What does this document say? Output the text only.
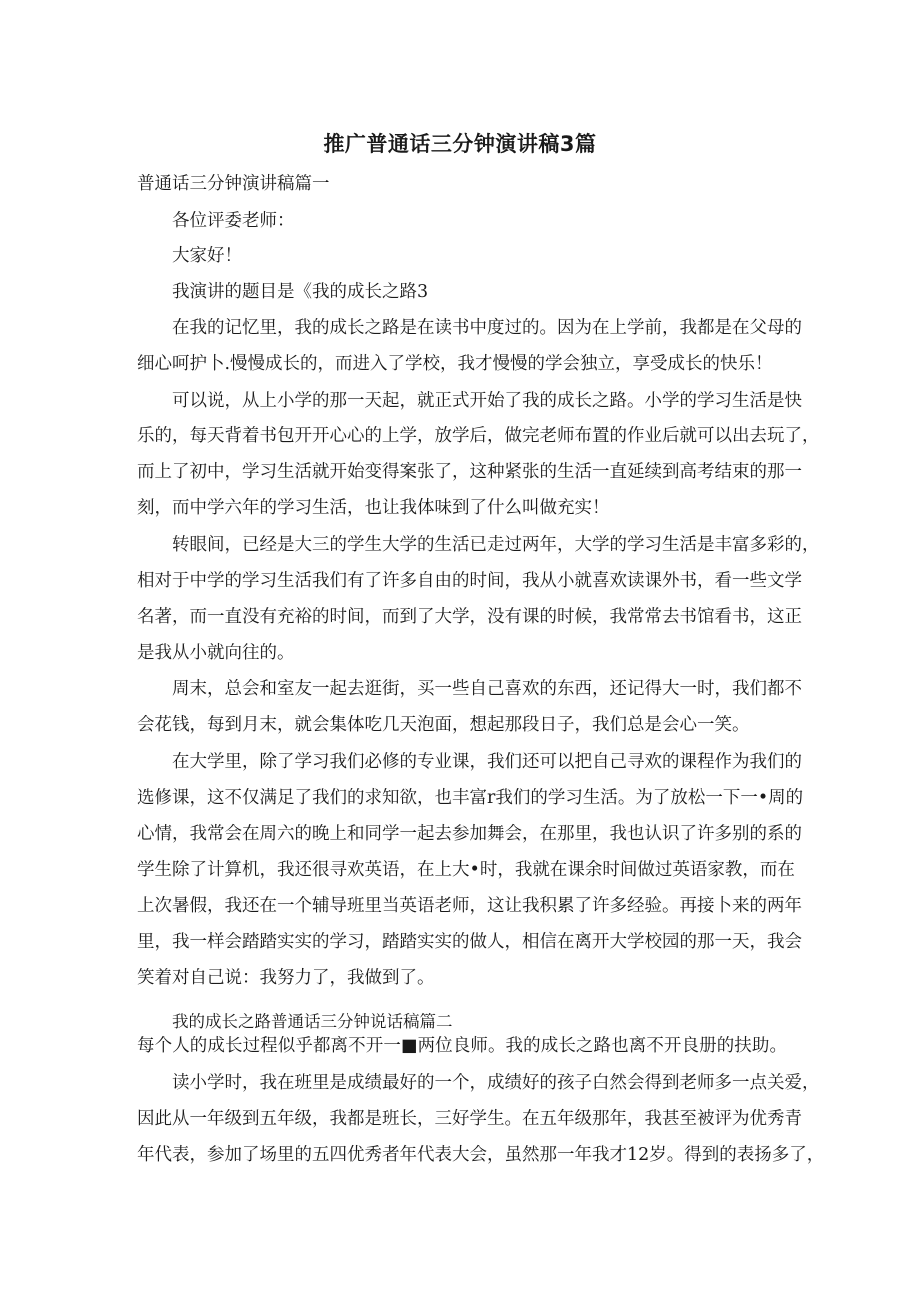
推广普通话三分钟演讲稿3篇
普通话三分钟演讲稿篇一
各位评委老师：
大家好！
我演讲的题目是《我的成长之路3
在我的记忆里，我的成长之路是在读书中度过的。因为在上学前，我都是在父母的
细心呵护卜.慢慢成长的，而进入了学校，我才慢慢的学会独立，享受成长的快乐！
可以说，从上小学的那一天起，就正式开始了我的成长之路。小学的学习生活是快
乐的，每天背着书包开开心心的上学，放学后，做完老师布置的作业后就可以出去玩了，
而上了初中，学习生活就开始变得案张了，这种紧张的生活一直延续到高考结束的那一
刻，而中学六年的学习生活，也让我体味到了什么叫做充实！
转眼间，已经是大三的学生大学的生活已走过两年，大学的学习生活是丰富多彩的，
相对于中学的学习生活我们有了许多自由的时间，我从小就喜欢读课外书，看一些文学
名著，而一直没有充裕的时间，而到了大学，没有课的时候，我常常去书馆看书，这正
是我从小就向往的。
周末，总会和室友一起去逛街，买一些自己喜欢的东西，还记得大一时，我们都不
会花钱，每到月末，就会集体吃几天泡面，想起那段日子，我们总是会心一笑。
在大学里，除了学习我们必修的专业课，我们还可以把自己寻欢的课程作为我们的
选修课，这不仅满足了我们的求知欲，也丰富r我们的学习生活。为了放松一下一•周的
心情，我常会在周六的晚上和同学一起去参加舞会，在那里，我也认识了许多别的系的
学生除了计算机，我还很寻欢英语，在上大•时，我就在课余时间做过英语家教，而在
上次暑假，我还在一个辅导班里当英语老师，这让我积累了许多经验。再接卜来的两年
里，我一样会踏踏实实的学习，踏踏实实的做人，相信在离开大学校园的那一天，我会
笑着对自己说：我努力了，我做到了。
我的成长之路普通话三分钟说话稿篇二
每个人的成长过程似乎都离不开一■两位良师。我的成长之路也离不开良册的扶助。
读小学时，我在班里是成绩最好的一个，成绩好的孩子白然会得到老师多一点关爱，
因此从一年级到五年级，我都是班长，三好学生。在五年级那年，我甚至被评为优秀青
年代表，参加了场里的五四优秀者年代表大会，虽然那一年我才12岁。得到的表扬多了，
